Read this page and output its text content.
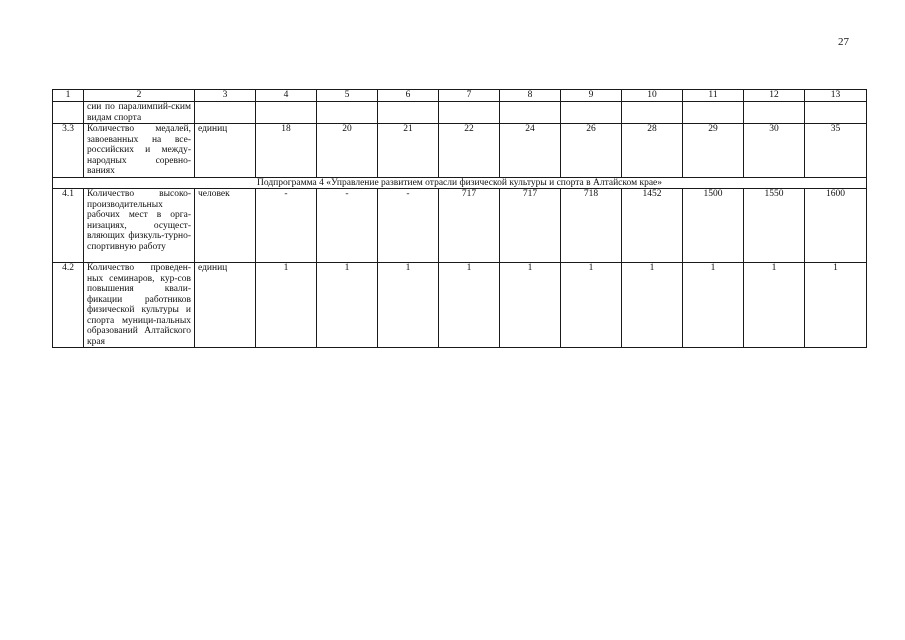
27
1	2	3	4	5	6	7	8	9	10	11	12	13
	сии по паралимпий-ским видам спорта											
3.3	Количество медалей, завоеванных на все-российских и между-народных соревно-ваниях	единиц	18	20	21	22	24	26	28	29	30	35
Подпрограмма 4 «Управление развитием отрасли физической культуры и спорта в Алтайском крае»												
4.1	Количество высоко-производительных рабочих мест в орга-низациях, осущест-вляющих физкуль-турно-спортивную работу	человек	-	-	-	717	717	718	1452	1500	1550	1600
4.2	Количество проведен-ных семинаров, кур-сов повышения квали-фикации работников физической культуры и спорта муници-пальных образований Алтайского края	единиц	1	1	1	1	1	1	1	1	1	1
